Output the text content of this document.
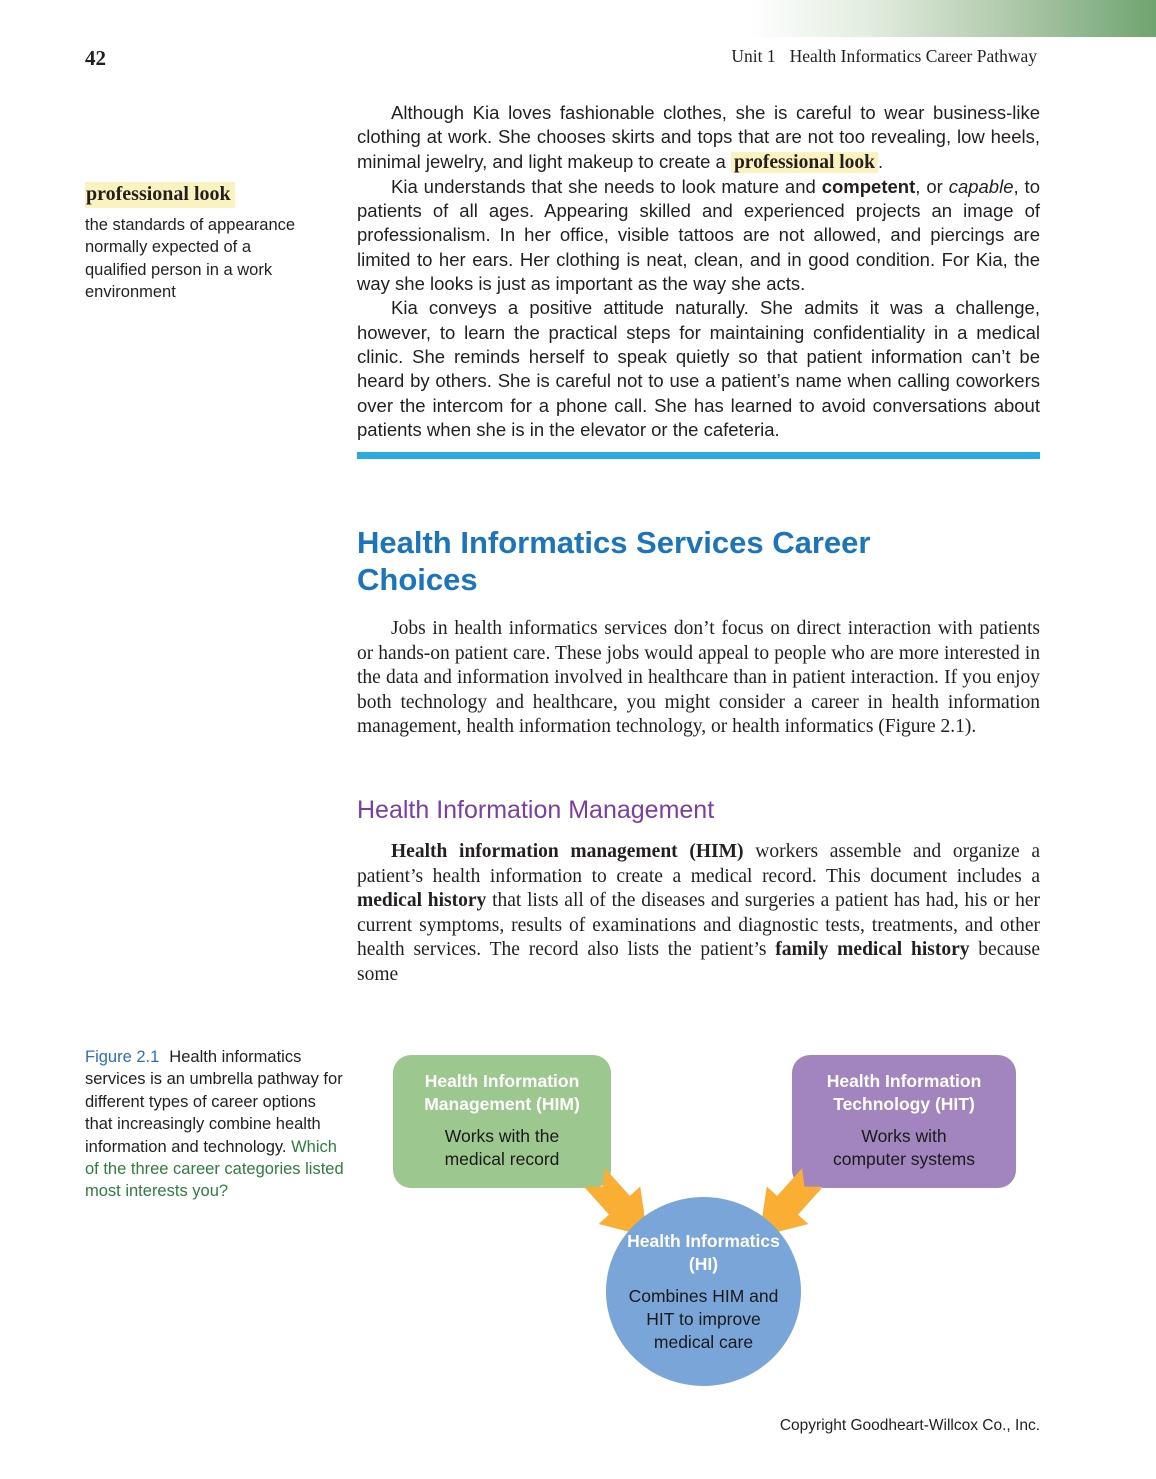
42	Unit 1 Health Informatics Career Pathway
professional look
the standards of appearance normally expected of a qualified person in a work environment

Although Kia loves fashionable clothes, she is careful to wear business-like clothing at work. She chooses skirts and tops that are not too revealing, low heels, minimal jewelry, and light makeup to create a professional look .

Kia understands that she needs to look mature and competent, or capable, to patients of all ages. Appearing skilled and experienced projects an image of professionalism. In her office, visible tattoos are not allowed, and piercings are limited to her ears. Her clothing is neat, clean, and in good condition. For Kia, the way she looks is just as important as the way she acts.

Kia conveys a positive attitude naturally. She admits it was a challenge, however, to learn the practical steps for maintaining confidentiality in a medical clinic. She reminds herself to speak quietly so that patient information can’t be heard by others. She is careful not to use a patient’s name when calling coworkers over the intercom for a phone call. She has learned to avoid conversations about patients when she is in the elevator or the cafeteria.

Health Informatics Services Career Choices

Jobs in health informatics services don’t focus on direct interaction with patients or hands-on patient care. These jobs would appeal to people who are more interested in the data and information involved in healthcare than in patient interaction. If you enjoy both technology and healthcare, you might consider a career in health information management, health information technology, or health informatics (Figure 2.1).

Health Information Management

Health information management (HIM) workers assemble and organize a patient’s health information to create a medical record. This document includes a medical history that lists all of the diseases and surgeries a patient has had, his or her current symptoms, results of examinations and diagnostic tests, treatments, and other health services. The record also lists the patient’s family medical history because some

Figure 2.1 Health informatics services is an umbrella pathway for different types of career options that increasingly combine health information and technology. Which of the three career categories listed most interests you?
Health Information Management (HIM)
Works with the medical record
Health Information Technology (HIT)
Works with computer systems
Health Informatics (HI)
Combines HIM and HIT to improve medical care
Copyright Goodheart-Willcox Co., Inc.
